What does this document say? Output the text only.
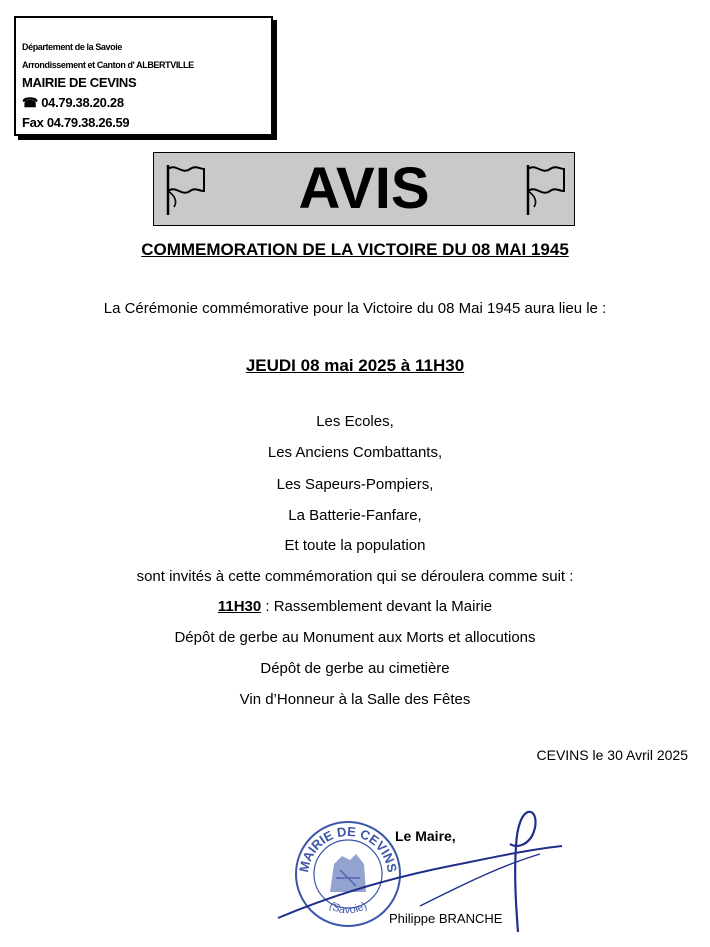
Département de la Savoie
Arrondissement et Canton d' ALBERTVILLE
MAIRIE DE CEVINS
☎ 04.79.38.20.28
Fax 04.79.38.26.59
AVIS
COMMEMORATION DE LA VICTOIRE DU 08 MAI 1945
La Cérémonie commémorative pour la Victoire du 08 Mai 1945 aura lieu le :
JEUDI 08 mai 2025 à 11H30
Les Ecoles,
Les Anciens Combattants,
Les Sapeurs-Pompiers,
La Batterie-Fanfare,
Et toute la population
sont invités à cette commémoration qui se déroulera comme suit :
11H30 : Rassemblement devant la Mairie
Dépôt de gerbe au Monument aux Morts et allocutions
Dépôt de gerbe au cimetière
Vin d’Honneur à la Salle des Fêtes
CEVINS le 30 Avril 2025
MAIRIE DE CEVINS
(Savoie)
Le Maire,
Philippe BRANCHE
